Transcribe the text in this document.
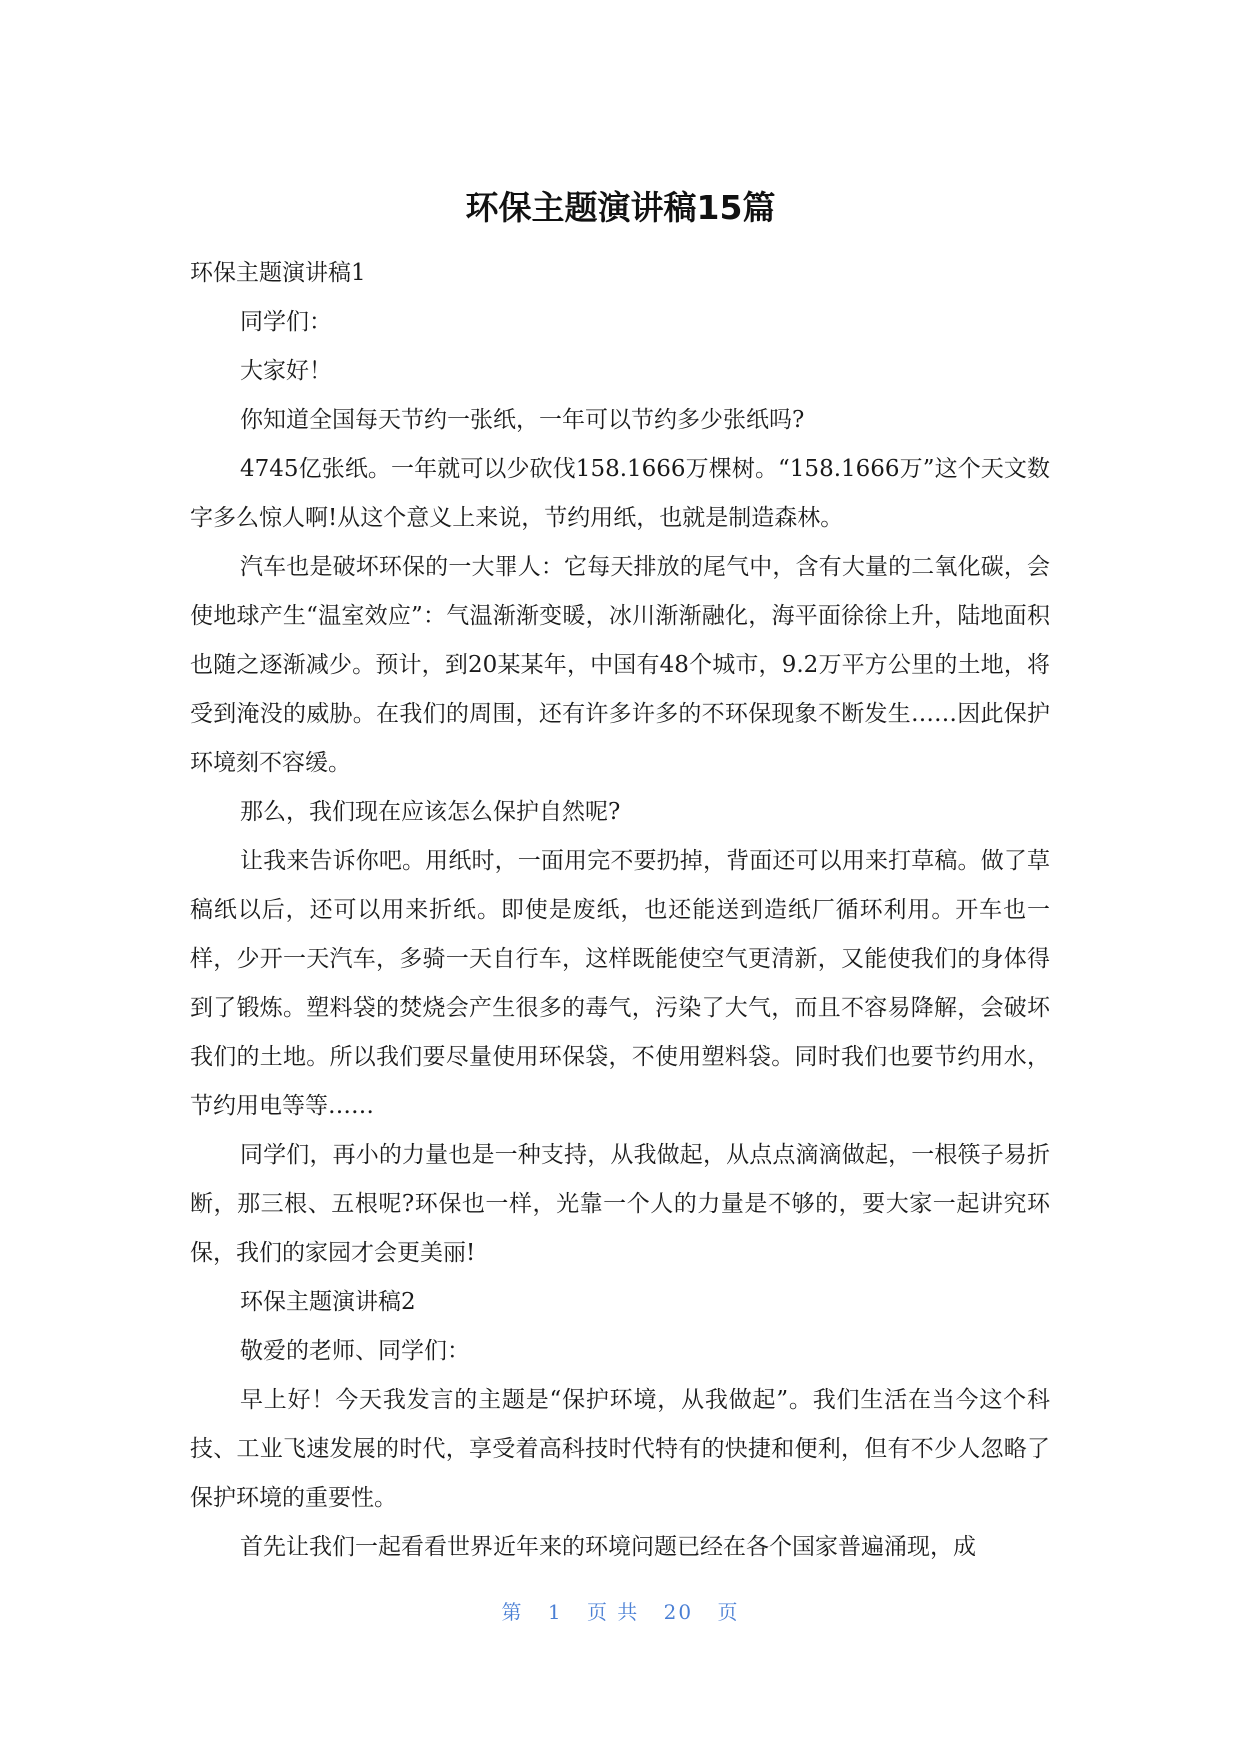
环保主题演讲稿15篇

环保主题演讲稿1

同学们：

大家好！

你知道全国每天节约一张纸，一年可以节约多少张纸吗?

4745亿张纸。一年就可以少砍伐158.1666万棵树。“158.1666万”这个天文数字多么惊人啊!从这个意义上来说，节约用纸，也就是制造森林。

汽车也是破坏环保的一大罪人：它每天排放的尾气中，含有大量的二氧化碳，会使地球产生“温室效应”：气温渐渐变暖，冰川渐渐融化，海平面徐徐上升，陆地面积也随之逐渐减少。预计，到20某某年，中国有48个城市，9.2万平方公里的土地，将受到淹没的威胁。在我们的周围，还有许多许多的不环保现象不断发生……因此保护环境刻不容缓。

那么，我们现在应该怎么保护自然呢?

让我来告诉你吧。用纸时，一面用完不要扔掉，背面还可以用来打草稿。做了草稿纸以后，还可以用来折纸。即使是废纸，也还能送到造纸厂循环利用。开车也一样，少开一天汽车，多骑一天自行车，这样既能使空气更清新，又能使我们的身体得到了锻炼。塑料袋的焚烧会产生很多的毒气，污染了大气，而且不容易降解，会破坏我们的土地。所以我们要尽量使用环保袋，不使用塑料袋。同时我们也要节约用水，节约用电等等……

同学们，再小的力量也是一种支持，从我做起，从点点滴滴做起，一根筷子易折断，那三根、五根呢?环保也一样，光靠一个人的力量是不够的，要大家一起讲究环保，我们的家园才会更美丽!

环保主题演讲稿2

敬爱的老师、同学们：

早上好！今天我发言的主题是“保护环境，从我做起”。我们生活在当今这个科技、工业飞速发展的时代，享受着高科技时代特有的快捷和便利，但有不少人忽略了保护环境的重要性。

首先让我们一起看看世界近年来的环境问题已经在各个国家普遍涌现，成

第 1 页 共 20 页
